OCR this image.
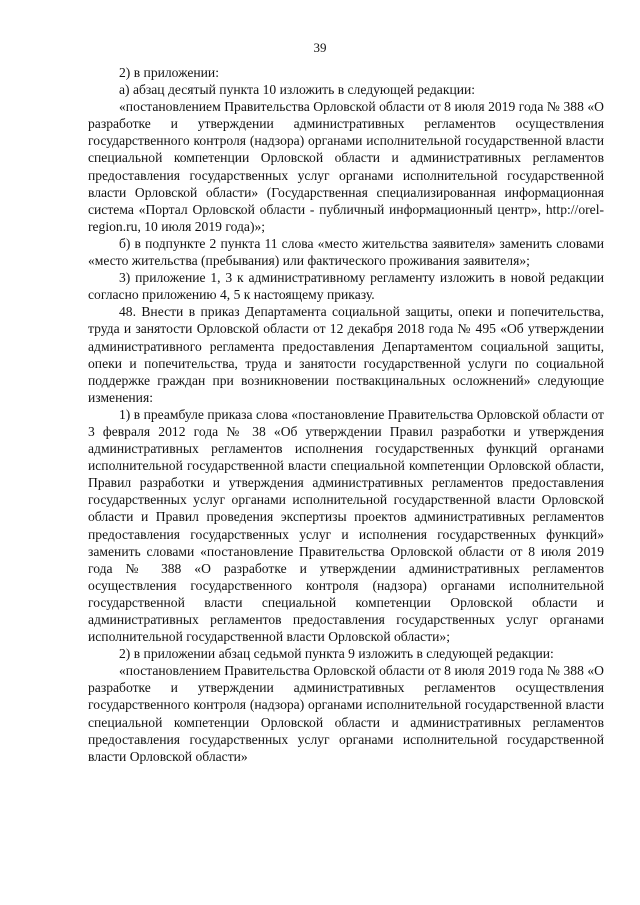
39

2) в приложении:

а) абзац десятый пункта 10 изложить в следующей редакции:

«постановлением Правительства Орловской области от 8 июля 2019 года № 388 «О разработке и утверждении административных регламентов осуществления государственного контроля (надзора) органами исполнительной государственной власти специальной компетенции Орловской области и административных регламентов предоставления государственных услуг органами исполнительной государственной власти Орловской области» (Государственная специализированная информационная система «Портал Орловской области - публичный информационный центр», http://orel-region.ru, 10 июля 2019 года)»;

б) в подпункте 2 пункта 11 слова «место жительства заявителя» заменить словами «место жительства (пребывания) или фактического проживания заявителя»;

3) приложение 1, 3 к административному регламенту изложить в новой редакции согласно приложению 4, 5 к настоящему приказу.

48. Внести в приказ Департамента социальной защиты, опеки и попечительства, труда и занятости Орловской области от 12 декабря 2018 года № 495 «Об утверждении административного регламента предоставления Департаментом социальной защиты, опеки и попечительства, труда и занятости государственной услуги по социальной поддержке граждан при возникновении поствакцинальных осложнений» следующие изменения:

1) в преамбуле приказа слова «постановление Правительства Орловской области от 3 февраля 2012 года № 38 «Об утверждении Правил разработки и утверждения административных регламентов исполнения государственных функций органами исполнительной государственной власти специальной компетенции Орловской области, Правил разработки и утверждения административных регламентов предоставления государственных услуг органами исполнительной государственной власти Орловской области и Правил проведения экспертизы проектов административных регламентов предоставления государственных услуг и исполнения государственных функций» заменить словами «постановление Правительства Орловской области от 8 июля 2019 года № 388 «О разработке и утверждении административных регламентов осуществления государственного контроля (надзора) органами исполнительной государственной власти специальной компетенции Орловской области и административных регламентов предоставления государственных услуг органами исполнительной государственной власти Орловской области»;

2) в приложении абзац седьмой пункта 9 изложить в следующей редакции:

«постановлением Правительства Орловской области от 8 июля 2019 года № 388 «О разработке и утверждении административных регламентов осуществления государственного контроля (надзора) органами исполнительной государственной власти специальной компетенции Орловской области и административных регламентов предоставления государственных услуг органами исполнительной государственной власти Орловской области»
